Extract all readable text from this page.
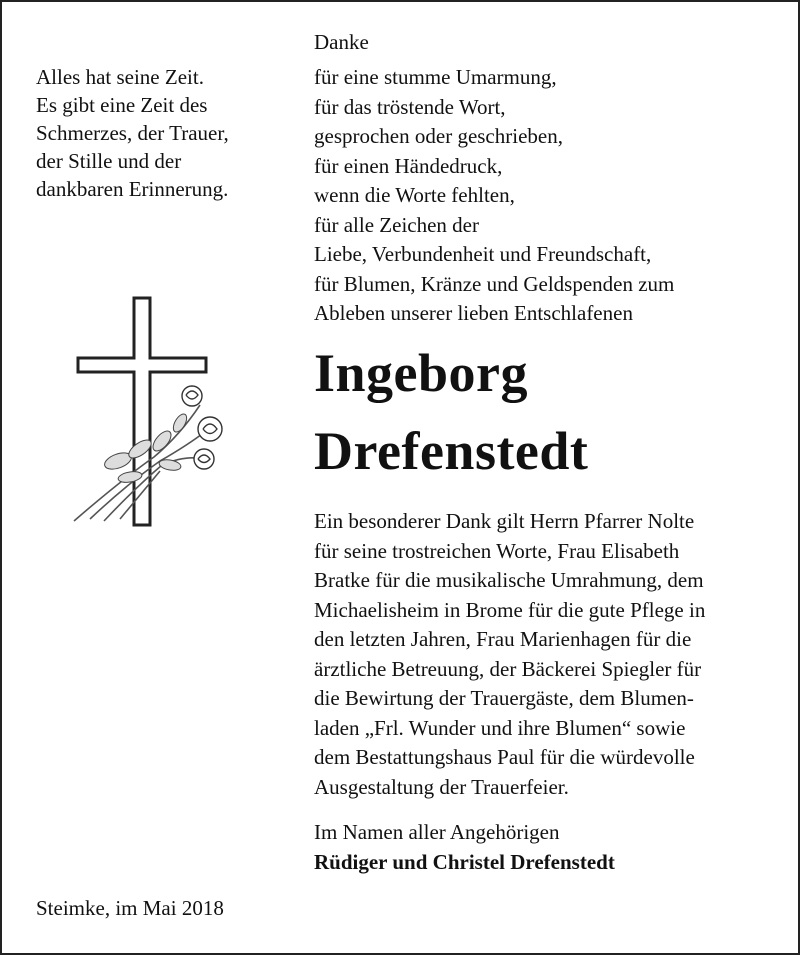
Danke
Alles hat seine Zeit.
Es gibt eine Zeit des
Schmerzes, der Trauer,
der Stille und der
dankbaren Erinnerung.
für eine stumme Umarmung,
für das tröstende Wort,
gesprochen oder geschrieben,
für einen Händedruck,
wenn die Worte fehlten,
für alle Zeichen der
Liebe, Verbundenheit und Freundschaft,
für Blumen, Kränze und Geldspenden zum
Ableben unserer lieben Entschlafenen
Ingeborg
Drefenstedt
Ein besonderer Dank gilt Herrn Pfarrer Nolte
für seine trostreichen Worte, Frau Elisabeth
Bratke für die musikalische Umrahmung, dem
Michaelisheim in Brome für die gute Pflege in
den letzten Jahren, Frau Marienhagen für die
ärztliche Betreuung, der Bäckerei Spiegler für
die Bewirtung der Trauergäste, dem Blumen-
laden „Frl. Wunder und ihre Blumen“ sowie
dem Bestattungshaus Paul für die würdevolle
Ausgestaltung der Trauerfeier.
Im Namen aller Angehörigen
Rüdiger und Christel Drefenstedt
Steimke, im Mai 2018
